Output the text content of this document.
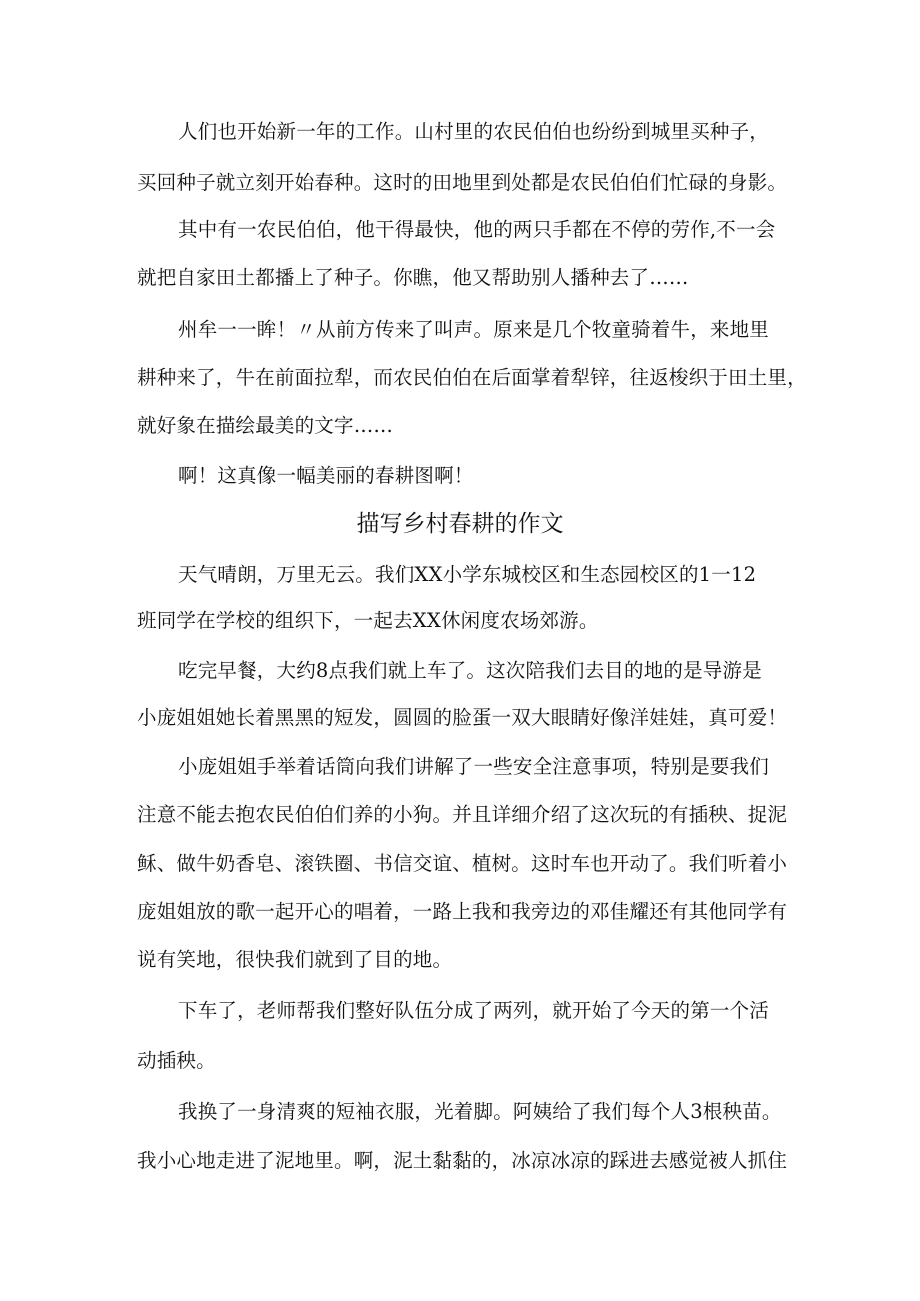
人们也开始新一年的工作。山村里的农民伯伯也纷纷到城里买种子，
买回种子就立刻开始春种。这时的田地里到处都是农民伯伯们忙碌的身影。
其中有一农民伯伯，他干得最快，他的两只手都在不停的劳作,不一会
就把自家田土都播上了种子。你瞧，他又帮助别人播种去了……
州牟一一眸！〃从前方传来了叫声。原来是几个牧童骑着牛，来地里
耕种来了，牛在前面拉犁，而农民伯伯在后面掌着犁锌，往返梭织于田土里，
就好象在描绘最美的文字……
啊！这真像一幅美丽的春耕图啊！
描写乡村春耕的作文
天气晴朗，万里无云。我们XX小学东城校区和生态园校区的1一12
班同学在学校的组织下，一起去XX休闲度农场郊游。
吃完早餐，大约8点我们就上车了。这次陪我们去目的地的是导游是
小庞姐姐她长着黑黑的短发，圆圆的脸蛋一双大眼睛好像洋娃娃，真可爱！
小庞姐姐手举着话筒向我们讲解了一些安全注意事项，特别是要我们
注意不能去抱农民伯伯们养的小狗。并且详细介绍了这次玩的有插秧、捉泥
稣、做牛奶香皂、滚铁圈、书信交谊、植树。这时车也开动了。我们听着小
庞姐姐放的歌一起开心的唱着，一路上我和我旁边的邓佳耀还有其他同学有
说有笑地，很快我们就到了目的地。
下车了，老师帮我们整好队伍分成了两列，就开始了今天的第一个活
动插秧。
我换了一身清爽的短袖衣服，光着脚。阿姨给了我们每个人3根秧苗。
我小心地走进了泥地里。啊，泥土黏黏的，冰凉冰凉的踩进去感觉被人抓住
